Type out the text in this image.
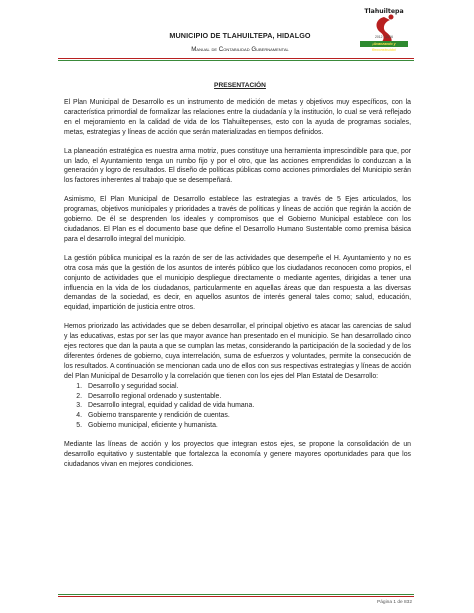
Tlahuiltepa
2012 - 2016
¡Avanzando y Reconstruido!
MUNICIPIO DE TLAHUILTEPA, HIDALGO
Manual de Contabilidad Gubernamental
PRESENTACIÓN

El Plan Municipal de Desarrollo es un instrumento de medición de metas y objetivos muy específicos, con la característica primordial de formalizar las relaciones entre la ciudadanía y la institución, lo cual se verá reflejado en el mejoramiento en la calidad de vida de los Tlahuiltepenses, esto con la ayuda de programas sociales, metas, estrategias y líneas de acción que serán materializadas en tiempos definidos.

La planeación estratégica es nuestra arma motriz, pues constituye una herramienta imprescindible para que, por un lado, el Ayuntamiento tenga un rumbo fijo y por el otro, que las acciones emprendidas lo conduzcan a la generación y logro de resultados. El diseño de políticas públicas como acciones primordiales del Municipio serán los factores inherentes al trabajo que se desempeñará.

Asimismo, El Plan Municipal de Desarrollo establece las estrategias a través de 5 Ejes articulados, los programas, objetivos municipales y prioridades a través de políticas y líneas de acción que regirán la acción de gobierno. De él se desprenden los ideales y compromisos que el Gobierno Municipal establece con los ciudadanos. El Plan es el documento base que define el Desarrollo Humano Sustentable como premisa básica para el desarrollo integral del municipio.

La gestión pública municipal es la razón de ser de las actividades que desempeñe el H. Ayuntamiento y no es otra cosa más que la gestión de los asuntos de interés público que los ciudadanos reconocen como propios, el conjunto de actividades que el municipio despliegue directamente o mediante agentes, dirigidas a tener una influencia en la vida de los ciudadanos, particularmente en aquellas áreas que dan respuesta a las diversas demandas de la sociedad, es decir, en aquellos asuntos de interés general tales como; salud, educación, equidad, impartición de justicia entre otros.

Hemos priorizado las actividades que se deben desarrollar, el principal objetivo es atacar las carencias de salud y las educativas, estas por ser las que mayor avance han presentado en el municipio. Se han desarrollado cinco ejes rectores que dan la pauta a que se cumplan las metas, considerando la participación de la sociedad y de los diferentes órdenes de gobierno, cuya interrelación, suma de esfuerzos y voluntades, permite la consecución de los resultados. A continuación se mencionan cada uno de ellos con sus respectivas estrategias y líneas de acción del Plan Municipal de Desarrollo y la correlación que tienen con los ejes del Plan Estatal de Desarrollo:

1. Desarrollo y seguridad social.
2. Desarrollo regional ordenado y sustentable.
3. Desarrollo integral, equidad y calidad de vida humana.
4. Gobierno transparente y rendición de cuentas.
5. Gobierno municipal, eficiente y humanista.

Mediante las líneas de acción y los proyectos que integran estos ejes, se propone la consolidación de un desarrollo equitativo y sustentable que fortalezca la economía y genere mayores oportunidades para que los ciudadanos vivan en mejores condiciones.

Página 1 de 832
